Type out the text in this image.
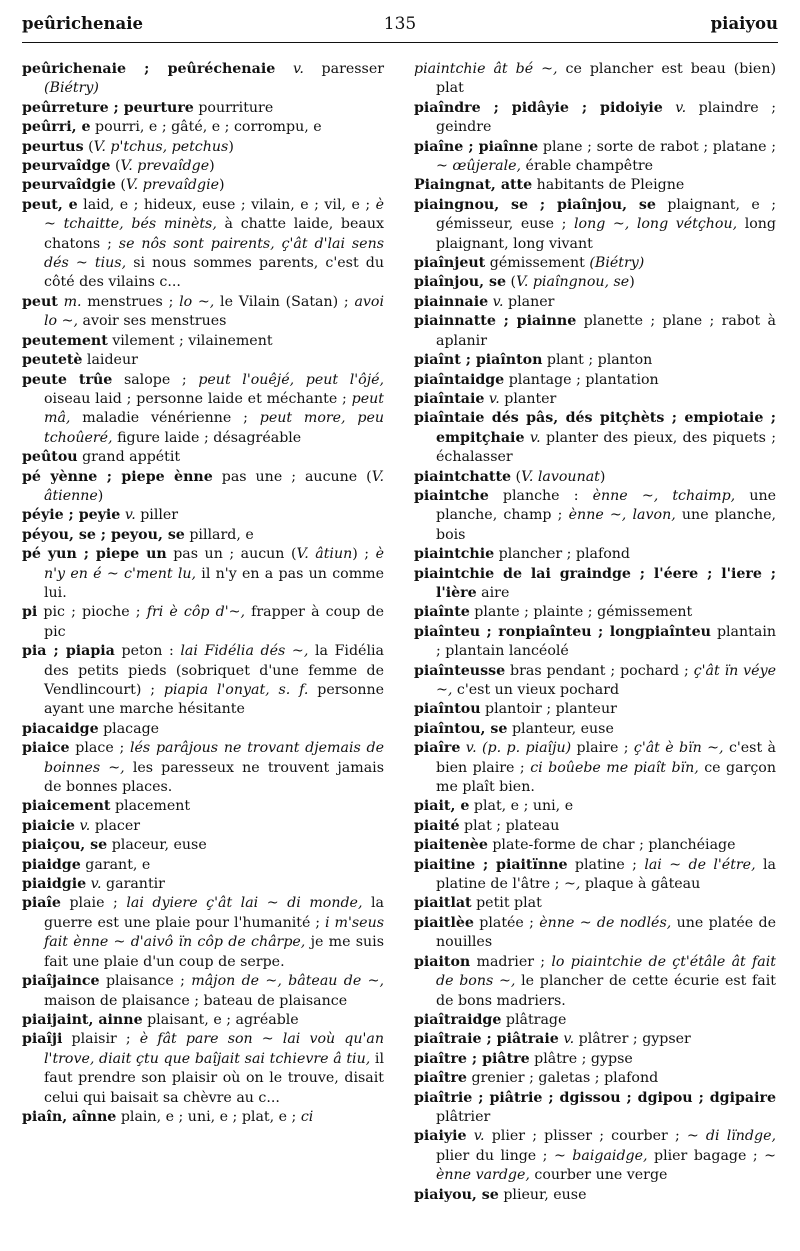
peûrichenaie	135	piaiyou

peûrichenaie ; peûréchenaie v. paresser (Biétry)

peûrreture ; peurture pourriture

peûrri, e pourri, e ; gâté, e ; corrompu, e

peurtus (V. p'tchus, petchus)

peurvaîdge (V. prevaîdge)

peurvaîdgie (V. prevaîdgie)

peut, e laid, e ; hideux, euse ; vilain, e ; vil, e ; è ~ tchaitte, bés minèts, à chatte laide, beaux chatons ; se nôs sont pairents, ç'ât d'lai sens dés ~ tius, si nous sommes parents, c'est du côté des vilains c...

peut m. menstrues ; lo ~, le Vilain (Satan) ; avoi lo ~, avoir ses menstrues

peutement vilement ; vilainement

peutetè laideur

peute trûe salope ; peut l'ouêjé, peut l'ôjé, oiseau laid ; personne laide et méchante ; peut mâ, maladie vénérienne ; peut more, peu tchoûeré, figure laide ; désagréable

peûtou grand appétit

pé yènne ; piepe ènne pas une ; aucune (V. âtienne)

péyie ; peyie v. piller

péyou, se ; peyou, se pillard, e

pé yun ; piepe un pas un ; aucun (V. âtiun) ; è n'y en é ~ c'ment lu, il n'y en a pas un comme lui.

pi pic ; pioche ; fri è côp d'~, frapper à coup de pic

pia ; piapia peton : lai Fidélia dés ~, la Fidélia des petits pieds (sobriquet d'une femme de Vendlincourt) ; piapia l'onyat, s. f. personne ayant une marche hésitante

piacaidge placage

piaice place ; lés parâjous ne trovant djemais de boinnes ~, les paresseux ne trouvent jamais de bonnes places.

piaicement placement

piaicie v. placer

piaiçou, se placeur, euse

piaidge garant, e

piaidgie v. garantir

piaîe plaie ; lai dyiere ç'ât lai ~ di monde, la guerre est une plaie pour l'humanité ; i m'seus fait ènne ~ d'aivô ïn côp de chârpe, je me suis fait une plaie d'un coup de serpe.

piaîjaince plaisance ; mâjon de ~, bâteau de ~, maison de plaisance ; bateau de plaisance

piaijaint, ainne plaisant, e ; agréable

piaîji plaisir ; è fât pare son ~ lai voù qu'an l'trove, diait çtu que baîjait sai tchievre â tiu, il faut prendre son plaisir où on le trouve, disait celui qui baisait sa chèvre au c...

piaîn, aînne plain, e ; uni, e ; plat, e ; ci

piaintchie ât bé ~, ce plancher est beau (bien) plat

piaîndre ; pidâyie ; pidoiyie v. plaindre ; geindre

piaîne ; piaînne plane ; sorte de rabot ; platane ; ~ œûjerale, érable champêtre

Piaingnat, atte habitants de Pleigne

piaingnou, se ; piaînjou, se plaignant, e ; gémisseur, euse ; long ~, long vétçhou, long plaignant, long vivant

piaînjeut gémissement (Biétry)

piaînjou, se (V. piaîngnou, se)

piainnaie v. planer

piainnatte ; piainne planette ; plane ; rabot à aplanir

piaînt ; piaînton plant ; planton

piaîntaidge plantage ; plantation

piaîntaie v. planter

piaîntaie dés pâs, dés pitçhèts ; empiotaie ; empitçhaie v. planter des pieux, des piquets ; échalasser

piaintchatte (V. lavounat)

piaintche planche : ènne ~, tchaimp, une planche, champ ; ènne ~, lavon, une planche, bois

piaintchie plancher ; plafond

piaintchie de lai graindge ; l'éere ; l'iere ; l'ière aire

piaînte plante ; plainte ; gémissement

piaînteu ; ronpiaînteu ; longpiaînteu plantain ; plantain lancéolé

piaînteusse bras pendant ; pochard ; ç'ât ïn véye ~, c'est un vieux pochard

piaîntou plantoir ; planteur

piaîntou, se planteur, euse

piaîre v. (p. p. piaîju) plaire ; ç'ât è bïn ~, c'est à bien plaire ; ci boûebe me piaît bïn, ce garçon me plaît bien.

piait, e plat, e ; uni, e

piaité plat ; plateau

piaitenèe plate-forme de char ; planchéiage

piaitine ; piaitïnne platine ; lai ~ de l'étre, la platine de l'âtre ; ~, plaque à gâteau

piaitlat petit plat

piaitlèe platée ; ènne ~ de nodlés, une platée de nouilles

piaiton madrier ; lo piaintchie de çt'étâle ât fait de bons ~, le plancher de cette écurie est fait de bons madriers.

piaîtraidge plâtrage

piaîtraie ; piâtraie v. plâtrer ; gypser

piaître ; piâtre plâtre ; gypse

piaître grenier ; galetas ; plafond

piaîtrie ; piâtrie ; dgissou ; dgipou ; dgipaire plâtrier

piaiyie v. plier ; plisser ; courber ; ~ di lïndge, plier du linge ; ~ baigaidge, plier bagage ; ~ ènne vardge, courber une verge

piaiyou, se plieur, euse
